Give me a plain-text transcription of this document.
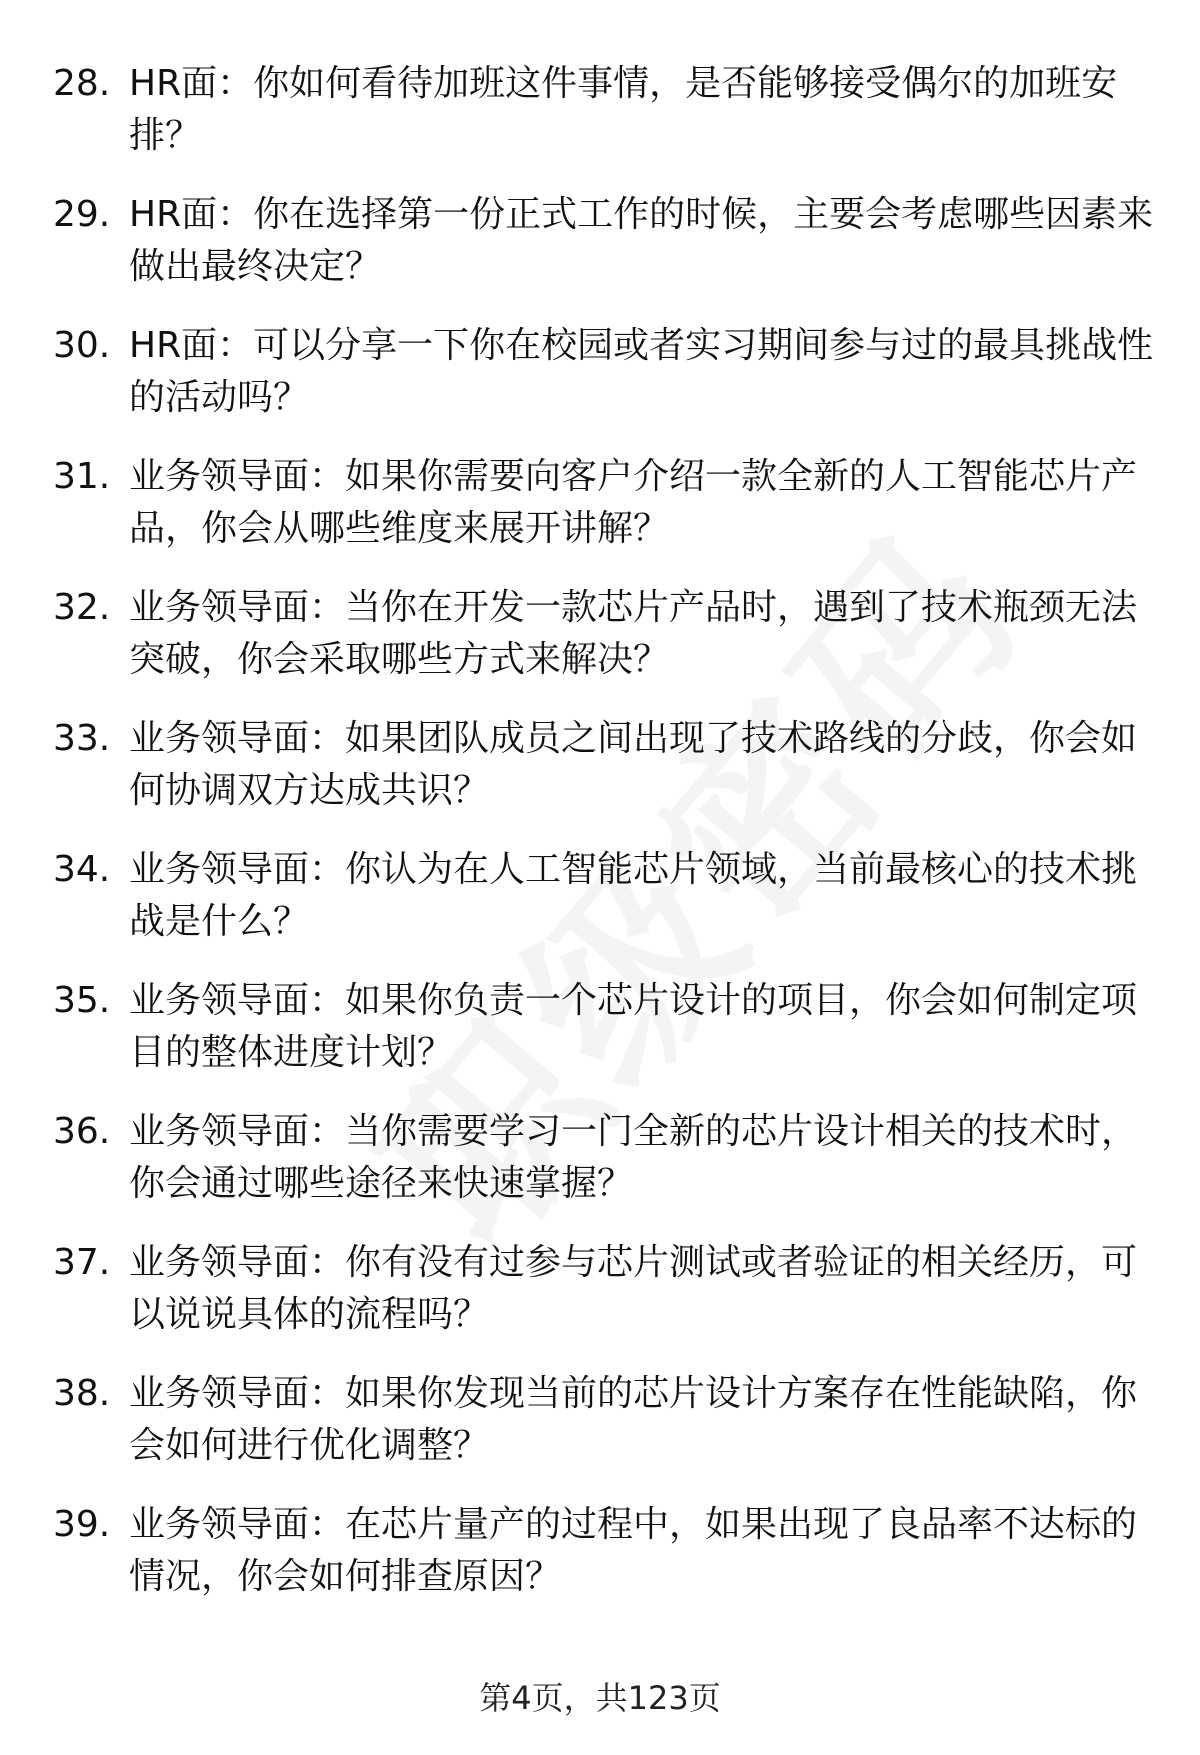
28. HR面：你如何看待加班这件事情，是否能够接受偶尔的加班安排？
29. HR面：你在选择第一份正式工作的时候，主要会考虑哪些因素来做出最终决定？
30. HR面：可以分享一下你在校园或者实习期间参与过的最具挑战性的活动吗？
31. 业务领导面：如果你需要向客户介绍一款全新的人工智能芯片产品，你会从哪些维度来展开讲解？
32. 业务领导面：当你在开发一款芯片产品时，遇到了技术瓶颈无法突破，你会采取哪些方式来解决？
33. 业务领导面：如果团队成员之间出现了技术路线的分歧，你会如何协调双方达成共识？
34. 业务领导面：你认为在人工智能芯片领域，当前最核心的技术挑战是什么？
35. 业务领导面：如果你负责一个芯片设计的项目，你会如何制定项目的整体进度计划？
36. 业务领导面：当你需要学习一门全新的芯片设计相关的技术时，你会通过哪些途径来快速掌握？
37. 业务领导面：你有没有过参与芯片测试或者验证的相关经历，可以说说具体的流程吗？
38. 业务领导面：如果你发现当前的芯片设计方案存在性能缺陷，你会如何进行优化调整？
39. 业务领导面：在芯片量产的过程中，如果出现了良品率不达标的情况，你会如何排查原因？
第4页，共123页
